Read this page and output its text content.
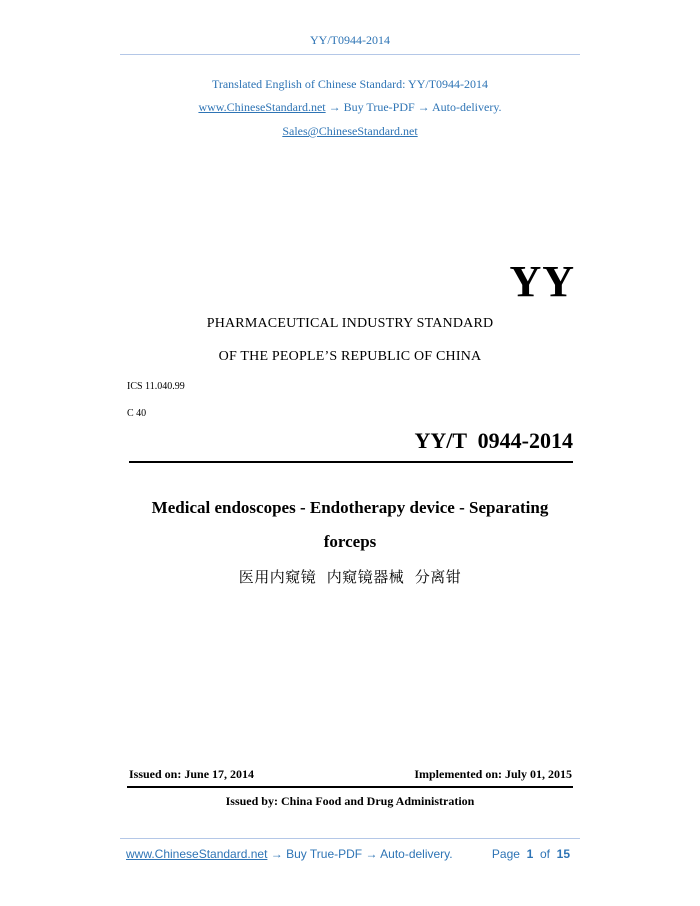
YY/T0944-2014
Translated English of Chinese Standard: YY/T0944-2014
www.ChineseStandard.net → Buy True-PDF → Auto-delivery.
Sales@ChineseStandard.net
YY
PHARMACEUTICAL INDUSTRY STANDARD
OF THE PEOPLE’S REPUBLIC OF CHINA
ICS 11.040.99
C 40
YY/T  0944-2014
Medical endoscopes - Endotherapy device - Separating
forceps
医用内窥镜  内窥镜器械  分离钳
Issued on: June 17, 2014	Implemented on: July 01, 2015
Issued by: China Food and Drug Administration
www.ChineseStandard.net → Buy True-PDF → Auto-delivery.	Page 1 of 15
